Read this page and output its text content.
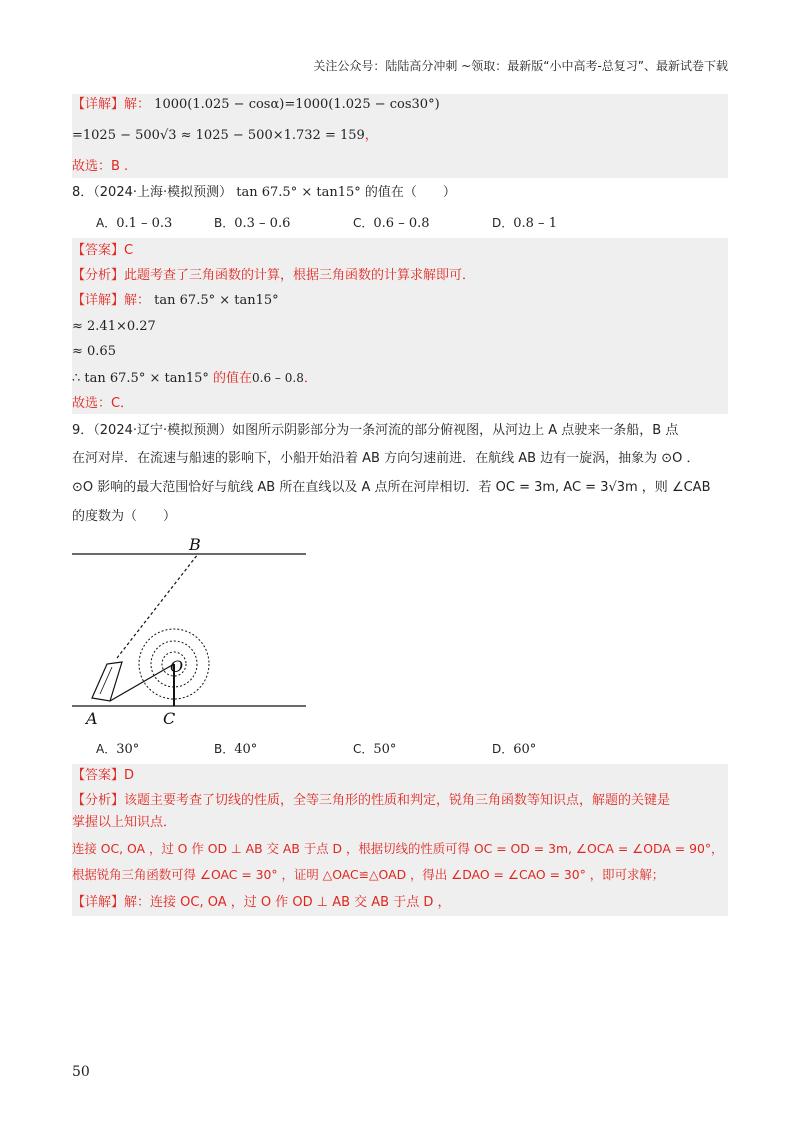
关注公众号：陆陆高分冲刺 ~领取：最新版“小中高考-总复习”、最新试卷下载
【详解】解： 1000(1.025 − cosα)=1000(1.025 − cos30°)
=1025 − 500√3 ≈ 1025 − 500×1.732 = 159，
故选：B .
8．（2024·上海·模拟预测） tan 67.5° × tan15° 的值在（　　）
A．0.1 – 0.3	B．0.3 – 0.6	C．0.6 – 0.8	D．0.8 – 1
【答案】C
【分析】此题考查了三角函数的计算，根据三角函数的计算求解即可．
【详解】解： tan 67.5° × tan15°
≈ 2.41×0.27
≈ 0.65
∴ tan 67.5° × tan15° 的值在0.6 – 0.8．
故选：C．
9．（2024·辽宁·模拟预测）如图所示阴影部分为一条河流的部分俯视图，从河边上 A 点驶来一条船，B 点
在河对岸．在流速与船速的影响下，小船开始沿着 AB 方向匀速前进．在航线 AB 边有一旋涡，抽象为 ⊙O ．
⊙O 影响的最大范围恰好与航线 AB 所在直线以及 A 点所在河岸相切．若 OC = 3m, AC = 3√3m ，则 ∠CAB
的度数为（　　）
B
O
A	C
A．30°	B．40°	C．50°	D．60°
【答案】D
【分析】该题主要考查了切线的性质，全等三角形的性质和判定，锐角三角函数等知识点，解题的关键是
掌握以上知识点．
连接 OC, OA ，过 O 作 OD ⊥ AB 交 AB 于点 D ，根据切线的性质可得 OC = OD = 3m, ∠OCA = ∠ODA = 90°，
根据锐角三角函数可得 ∠OAC = 30° ，证明 △OAC≌△OAD ，得出 ∠DAO = ∠CAO = 30° ，即可求解；
【详解】解：连接 OC, OA ，过 O 作 OD ⊥ AB 交 AB 于点 D ，
50
